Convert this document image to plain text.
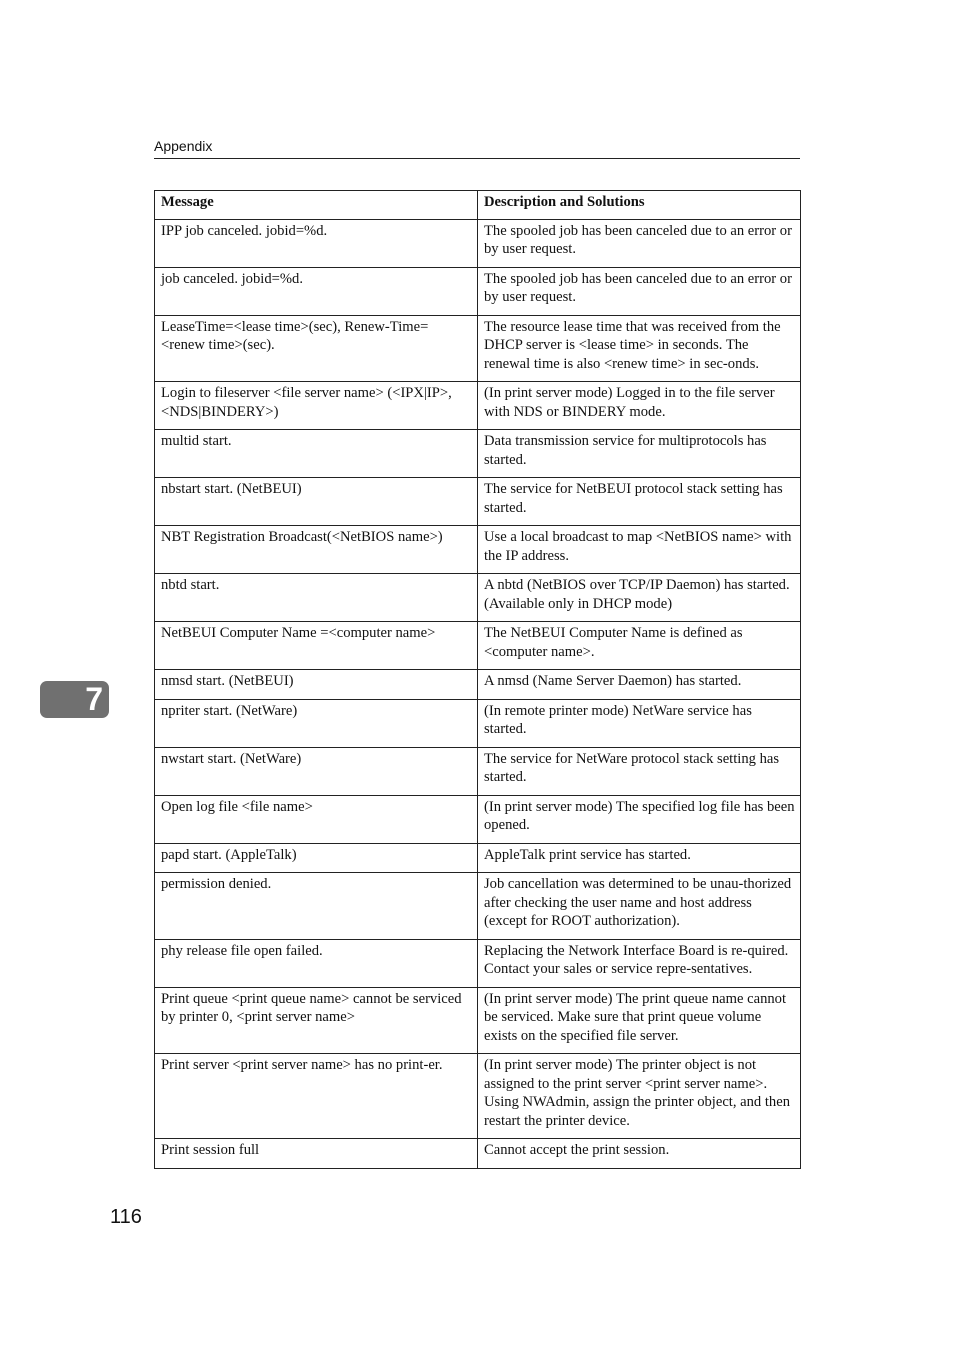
Appendix
Message	Description and Solutions
IPP job canceled. jobid=%d.	The spooled job has been canceled due to an error or by user request.
job canceled. jobid=%d.	The spooled job has been canceled due to an error or by user request.
LeaseTime=<lease time>(sec), Renew-Time=<renew time>(sec).	The resource lease time that was received from the DHCP server is <lease time> in seconds. The renewal time is also <renew time> in sec-onds.
Login to fileserver <file server name> (<IPX|IP>,<NDS|BINDERY>)	(In print server mode) Logged in to the file server with NDS or BINDERY mode.
multid start.	Data transmission service for multiprotocols has started.
nbstart start. (NetBEUI)	The service for NetBEUI protocol stack setting has started.
NBT Registration Broadcast(<NetBIOS name>)	Use a local broadcast to map <NetBIOS name> with the IP address.
nbtd start.	A nbtd (NetBIOS over TCP/IP Daemon) has started. (Available only in DHCP mode)
NetBEUI Computer Name =<computer name>	The NetBEUI Computer Name is defined as <computer name>.
nmsd start. (NetBEUI)	A nmsd (Name Server Daemon) has started.
npriter start. (NetWare)	(In remote printer mode) NetWare service has started.
nwstart start. (NetWare)	The service for NetWare protocol stack setting has started.
Open log file <file name>	(In print server mode) The specified log file has been opened.
papd start. (AppleTalk)	AppleTalk print service has started.
permission denied.	Job cancellation was determined to be unau-thorized after checking the user name and host address (except for ROOT authorization).
phy release file open failed.	Replacing the Network Interface Board is re-quired. Contact your sales or service repre-sentatives.
Print queue <print queue name> cannot be serviced by printer 0, <print server name>	(In print server mode) The print queue name cannot be serviced. Make sure that print queue volume exists on the specified file server.
Print server <print server name> has no print-er.	(In print server mode) The printer object is not assigned to the print server <print server name>. Using NWAdmin, assign the printer object, and then restart the printer device.
Print session full	Cannot accept the print session.
7
116
